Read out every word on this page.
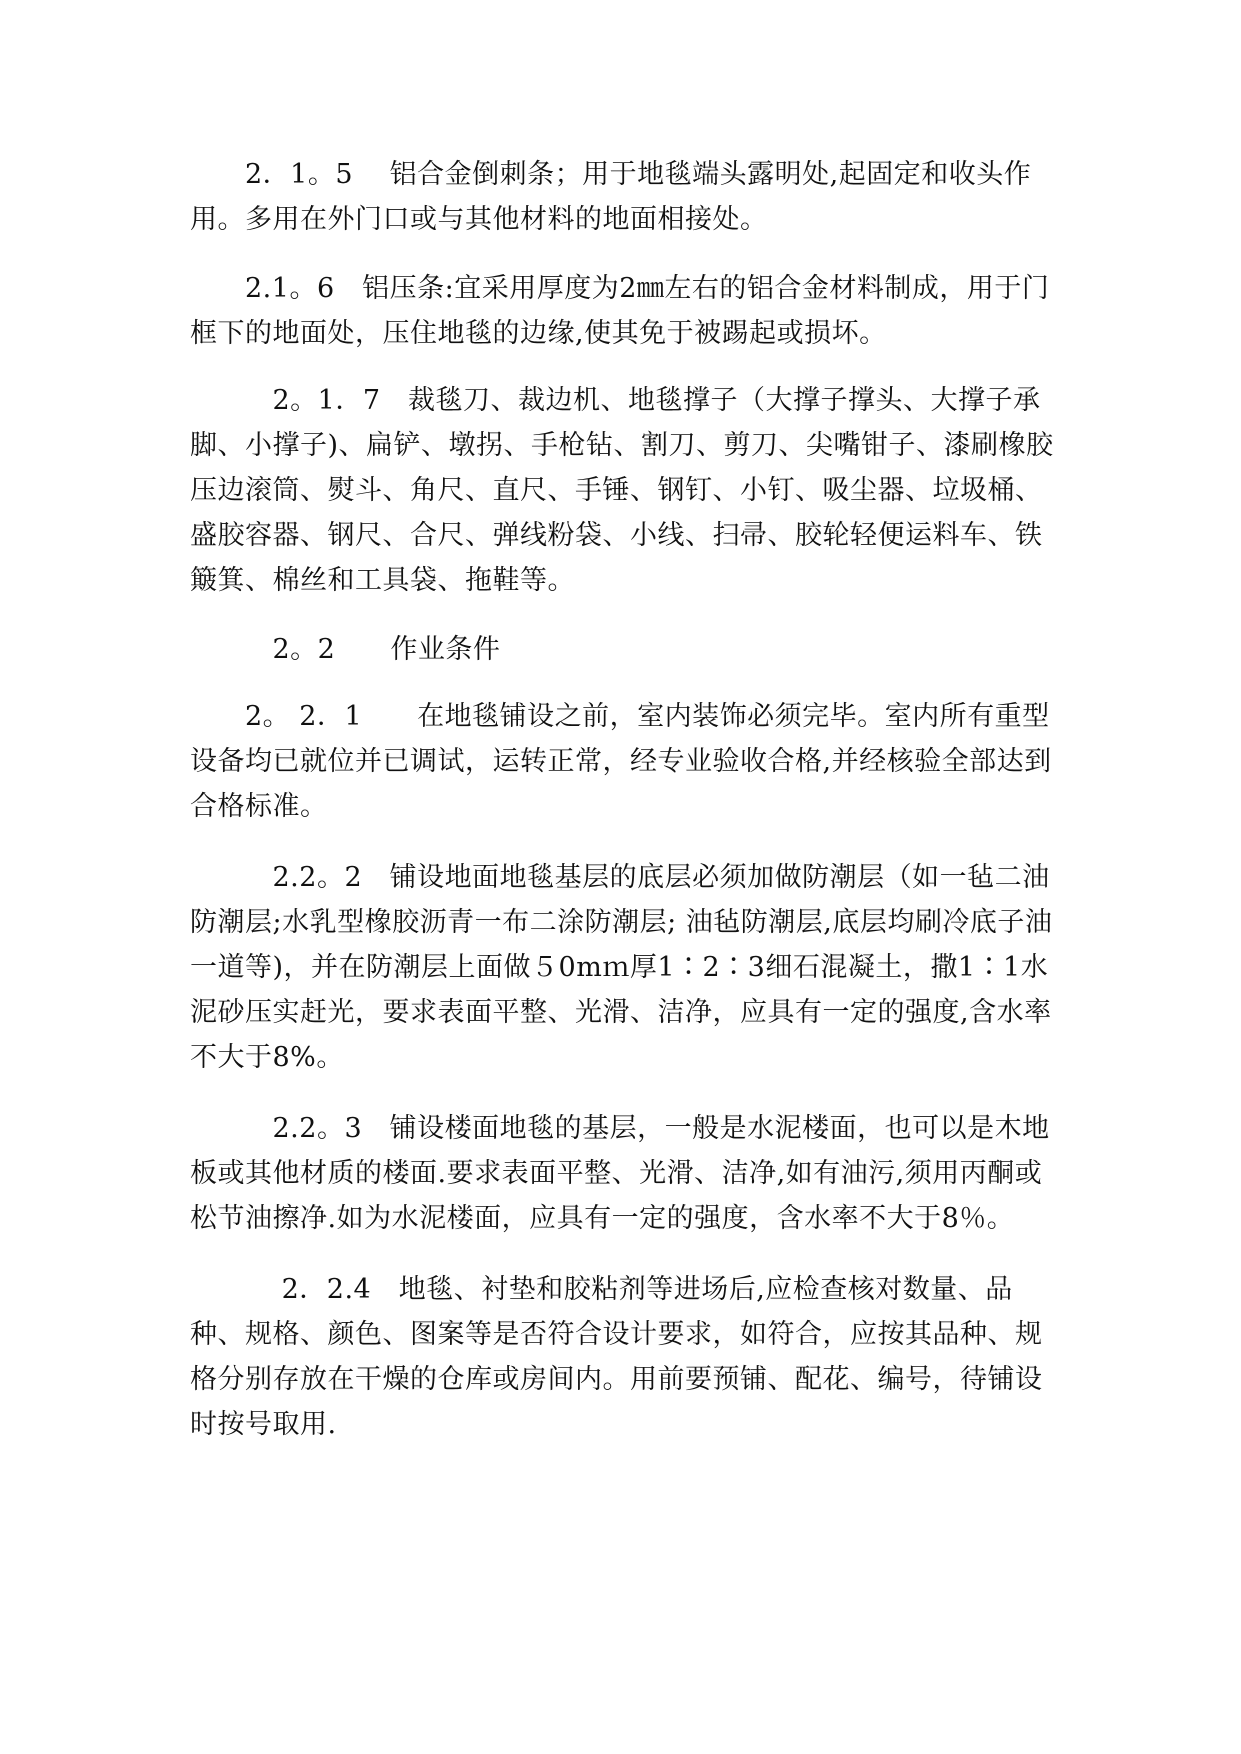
　　2．1。5　 铝合金倒刺条；用于地毯端头露明处,起固定和收头作用。多用在外门口或与其他材料的地面相接处。

　　2.1。6　铝压条:宜采用厚度为2㎜左右的铝合金材料制成，用于门框下的地面处，压住地毯的边缘,使其免于被踢起或损坏。

　　　2。1．7　裁毯刀、裁边机、地毯撑子（大撑子撑头、大撑子承脚、小撑子)、扁铲、墩拐、手枪钻、割刀、剪刀、尖嘴钳子、漆刷橡胶压边滚筒、熨斗、角尺、直尺、手锤、钢钉、小钉、吸尘器、垃圾桶、盛胶容器、钢尺、合尺、弹线粉袋、小线、扫帚、胶轮轻便运料车、铁簸箕、棉丝和工具袋、拖鞋等。

　　　2。2　　作业条件

　　2。 2．1　　在地毯铺设之前，室内装饰必须完毕。室内所有重型设备均已就位并已调试，运转正常，经专业验收合格,并经核验全部达到合格标准。

　　　2.2。2　铺设地面地毯基层的底层必须加做防潮层（如一毡二油防潮层;水乳型橡胶沥青一布二涂防潮层; 油毡防潮层,底层均刷冷底子油一道等)，并在防潮层上面做５0mｍ厚1∶2∶3细石混凝土，撒1∶1水泥砂压实赶光，要求表面平整、光滑、洁净，应具有一定的强度,含水率不大于8%。

　　　2.2。3　铺设楼面地毯的基层，一般是水泥楼面，也可以是木地板或其他材质的楼面.要求表面平整、光滑、洁净,如有油污,须用丙酮或松节油擦净.如为水泥楼面，应具有一定的强度，含水率不大于8％。

　　　 2．2.4　地毯、衬垫和胶粘剂等进场后,应检查核对数量、品种、规格、颜色、图案等是否符合设计要求，如符合，应按其品种、规格分别存放在干燥的仓库或房间内。用前要预铺、配花、编号，待铺设时按号取用.
